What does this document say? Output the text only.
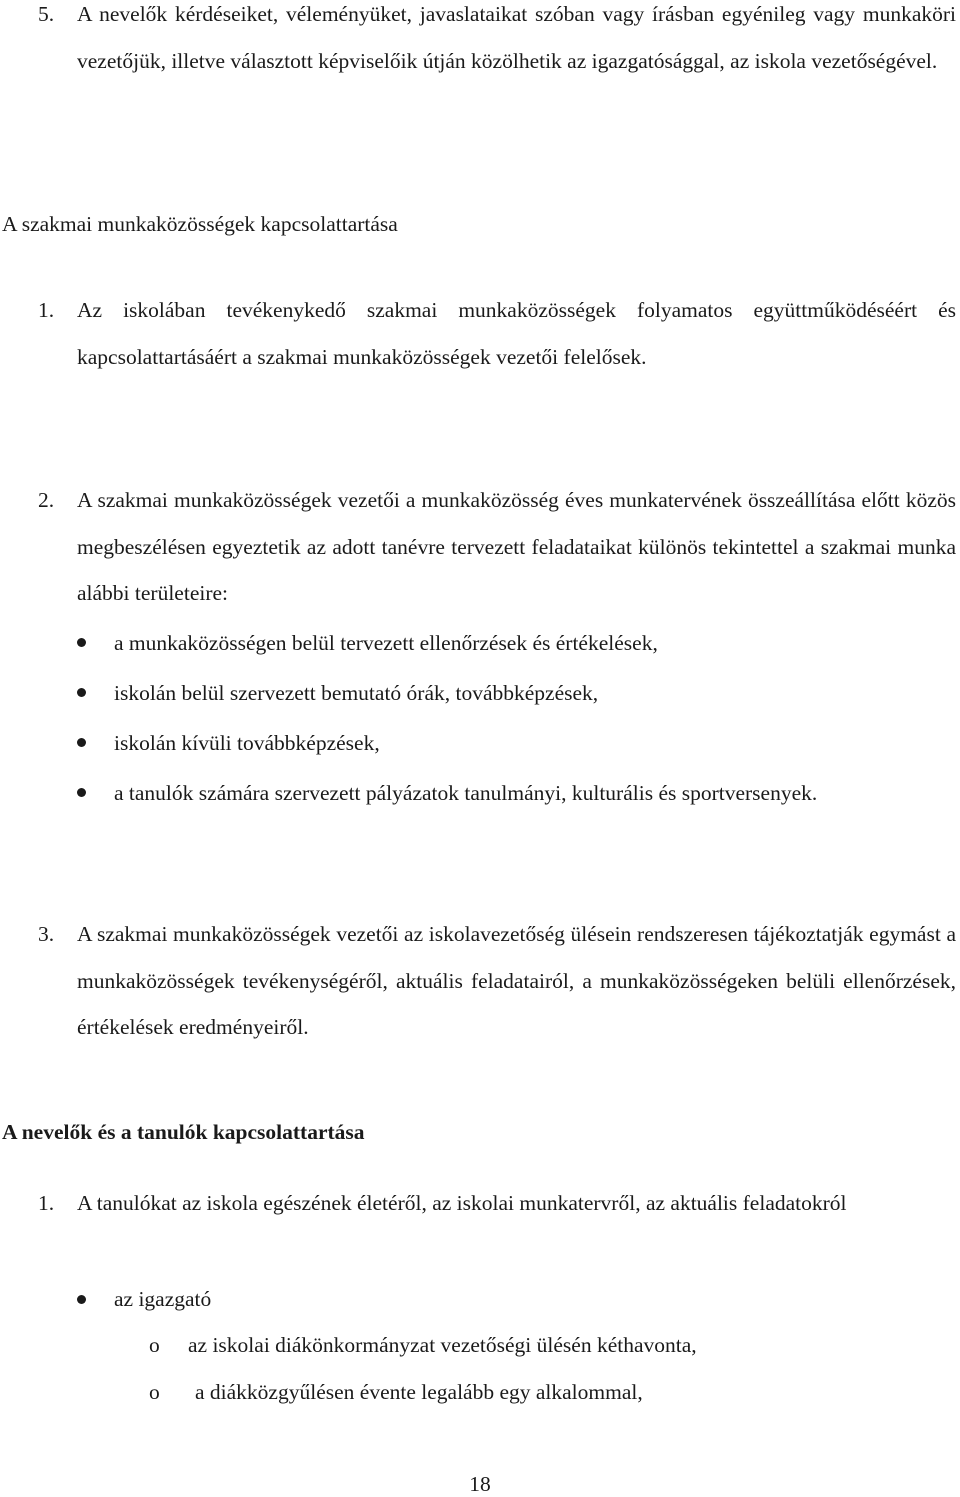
5. A nevelők kérdéseiket, véleményüket, javaslataikat szóban vagy írásban egyénileg vagy munkaköri vezetőjük, illetve választott képviselőik útján közölhetik az igazgatósággal, az iskola vezetőségével.
A szakmai munkaközösségek kapcsolattartása
1. Az iskolában tevékenykedő szakmai munkaközösségek folyamatos együttműködéséért és kapcsolattartásáért a szakmai munkaközösségek vezetői felelősek.
2. A szakmai munkaközösségek vezetői a munkaközösség éves munkatervének összeállítása előtt közös megbeszélésen egyeztetik az adott tanévre tervezett feladataikat különös tekintettel a szakmai munka alábbi területeire:
a munkaközösségen belül tervezett ellenőrzések és értékelések,
iskolán belül szervezett bemutató órák, továbbképzések,
iskolán kívüli továbbképzések,
a tanulók számára szervezett pályázatok tanulmányi, kulturális és sportversenyek.
3. A szakmai munkaközösségek vezetői az iskolavezetőség ülésein rendszeresen tájékoztatják egymást a munkaközösségek tevékenységéről, aktuális feladatairól, a munkaközösségeken belüli ellenőrzések, értékelések eredményeiről.
A nevelők és a tanulók kapcsolattartása
1. A tanulókat az iskola egészének életéről, az iskolai munkatervről, az aktuális feladatokról
az igazgató
o az iskolai diákönkormányzat vezetőségi ülésén kéthavonta,
o a diákközgyűlésen évente legalább egy alkalommal,
18
